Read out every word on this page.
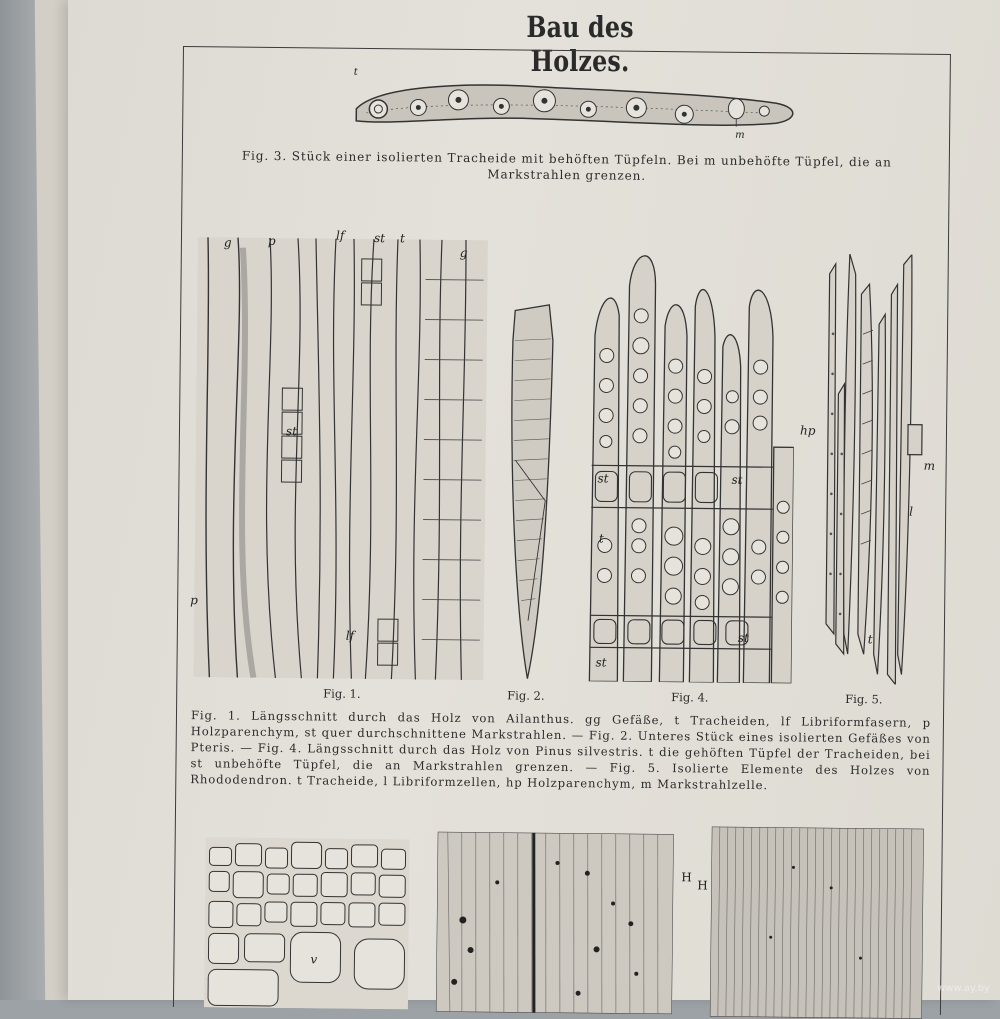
Bau des Holzes.
t
m
Fig. 3. Stück einer isolierten Tracheide mit behöften Tüpfeln. Bei m unbehöfte Tüpfel, die an Markstrahlen grenzen.
g	p	lf st t
g
st
p
lf
Fig. 1.	Fig. 2.
st	st
t
st
st
Fig. 4.
hp
m
l
t
Fig. 5.
Fig. 1. Längsschnitt durch das Holz von Ailanthus. gg Gefäße, t Tracheiden, lf Libriformfasern, p Holzparenchym, st quer durchschnittene Markstrahlen. — Fig. 2. Unteres Stück eines isolierten Gefäßes von Pteris. — Fig. 4. Längsschnitt durch das Holz von Pinus silvestris. t die gehöften Tüpfel der Tracheiden, bei st unbehöfte Tüpfel, die an Markstrahlen grenzen. — Fig. 5. Isolierte Elemente des Holzes von Rhododendron. t Tracheide, l Libriformzellen, hp Holzparenchym, m Markstrahlzelle.
v
H
H
www.ay.by
